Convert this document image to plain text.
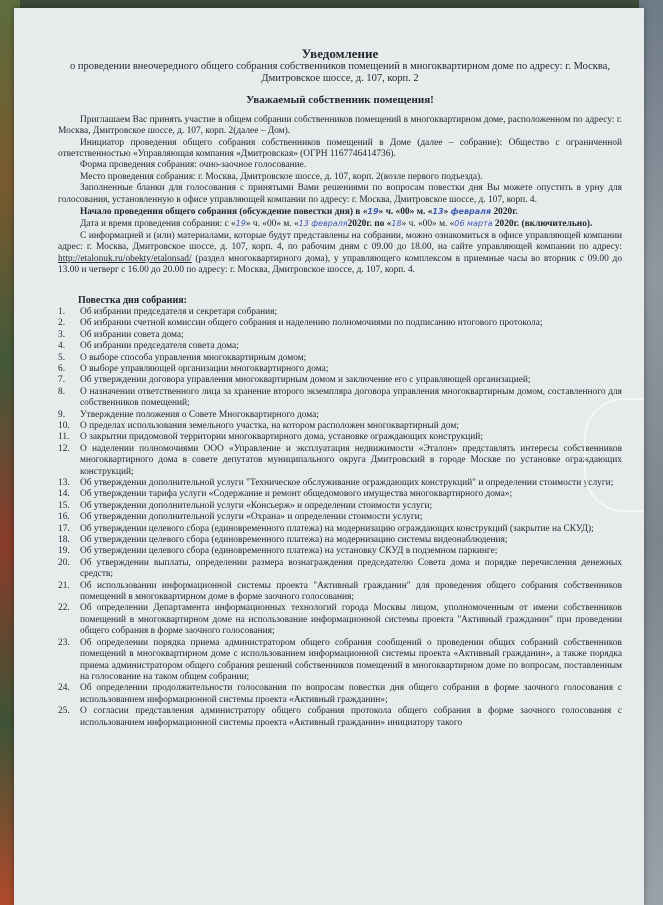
Уведомление
о проведении внеочередного общего собрания собственников помещений в многоквартирном доме по адресу: г. Москва, Дмитровское шоссе, д. 107, корп. 2
Уважаемый собственник помещения!

Приглашаем Вас принять участие в общем собрании собственников помещений в многоквартирном доме, расположенном по адресу: г. Москва, Дмитровское шоссе, д. 107, корп. 2(далее – Дом).

Инициатор проведения общего собрания собственников помещений в Доме (далее – собрание): Общество с ограниченной ответственностью «Управляющая компания «Дмитровская» (ОГРН 1167746414736).

Форма проведения собрания: очно-заочное голосование.

Место проведения собрания: г. Москва, Дмитровское шоссе, д. 107, корп. 2(возле первого подъезда).

Заполненные бланки для голосования с принятыми Вами решениями по вопросам повестки дня Вы можете опустить в урну для голосования, установленную в офисе управляющей компании по адресу: г. Москва, Дмитровское шоссе, д. 107, корп. 4.

Начало проведения общего собрания (обсуждение повестки дня) в «19» ч. «00» м. «13» февраля 2020г.

Дата и время проведения собрания: с «19» ч. «00» м. «13 февраля2020г. по «18» ч. «00» м. «06 марта 2020г. (включительно).

С информацией и (или) материалами, которые будут представлены на собрании, можно ознакомиться в офисе управляющей компании адрес: г. Москва, Дмитровское шоссе, д. 107, корп. 4, по рабочим дням с 09.00 до 18.00, на сайте управляющей компании по адресу: http://etalonuk.ru/obekty/etalonsad/ (раздел многоквартирного дома), у управляющего комплексом в приемные часы во вторник с 09.00 до 13.00 и четверг с 16.00 до 20.00 по адресу: г. Москва, Дмитровское шоссе, д. 107, корп. 4.

Повестка дня собрания:
1.	Об избрании председателя и секретаря собрания;
2.	Об избрании счетной комиссии общего собрания и наделению полномочиями по подписанию итогового протокола;
3.	Об избрании совета дома;
4.	Об избрании председателя совета дома;
5.	О выборе способа управления многоквартирным домом;
6.	О выборе управляющей организации многоквартирного дома;
7.	Об утверждении договора управления многоквартирным домом и заключение его с управляющей организацией;
8.	О назначении ответственного лица за хранение второго экземпляра договора управления многоквартирным домом, составленного для собственников помещений;
9.	Утверждение положения о Совете Многоквартирного дома;
10.	О пределах использования земельного участка, на котором расположен многоквартирный дом;
11.	О закрытии придомовой территории многоквартирного дома, установке ограждающих конструкций;
12.	О наделении полномочиями ООО «Управление и эксплуатация недвижимости «Эталон» представлять интересы собственников многоквартирного дома в совете депутатов муниципального округа Дмитровский в городе Москве по установке ограждающих конструкций;
13.	Об утверждении дополнительной услуги "Техническое обслуживание ограждающих конструкций" и определении стоимости услуги;
14.	Об утверждении тарифа услуги «Содержание и ремонт общедомового имущества многоквартирного дома»;
15.	Об утверждении дополнительной услуги «Консьерж» и определении стоимости услуги;
16.	Об утверждении дополнительной услуги «Охрана» и определении стоимости услуги;
17.	Об утверждении целевого сбора (единовременного платежа) на модернизацию ограждающих конструкций (закрытие на СКУД);
18.	Об утверждении целевого сбора (единовременного платежа) на модернизацию системы видеонаблюдения;
19.	Об утверждении целевого сбора (единовременного платежа) на установку СКУД в подземном паркинге;
20.	Об утверждении выплаты, определении размера вознаграждения председателю Совета дома и порядке перечисления денежных средств;
21.	Об использовании информационной системы проекта "Активный гражданин" для проведения общего собрания собственников помещений в многоквартирном доме в форме заочного голосования;
22.	Об определении Департамента информационных технологий города Москвы лицом, уполномоченным от имени собственников помещений в многоквартирном доме на использование информационной системы проекта "Активный гражданин" при проведении общего собрания в форме заочного голосования;
23.	Об определении порядка приема администратором общего собрания сообщений о проведении общих собраний собственников помещений в многоквартирном доме с использованием информационной системы проекта «Активный гражданин», а также порядка приема администратором общего собрания решений собственников помещений в многоквартирном доме по вопросам, поставленным на голосование на таком общем собрании;
24.	Об определении продолжительности голосования по вопросам повестки дня общего собрания в форме заочного голосования с использованием информационной системы проекта «Активный гражданин»;
25.	О согласии представления администратору общего собрания протокола общего собрания в форме заочного голосования с использованием информационной системы проекта «Активный гражданин» инициатору такого
